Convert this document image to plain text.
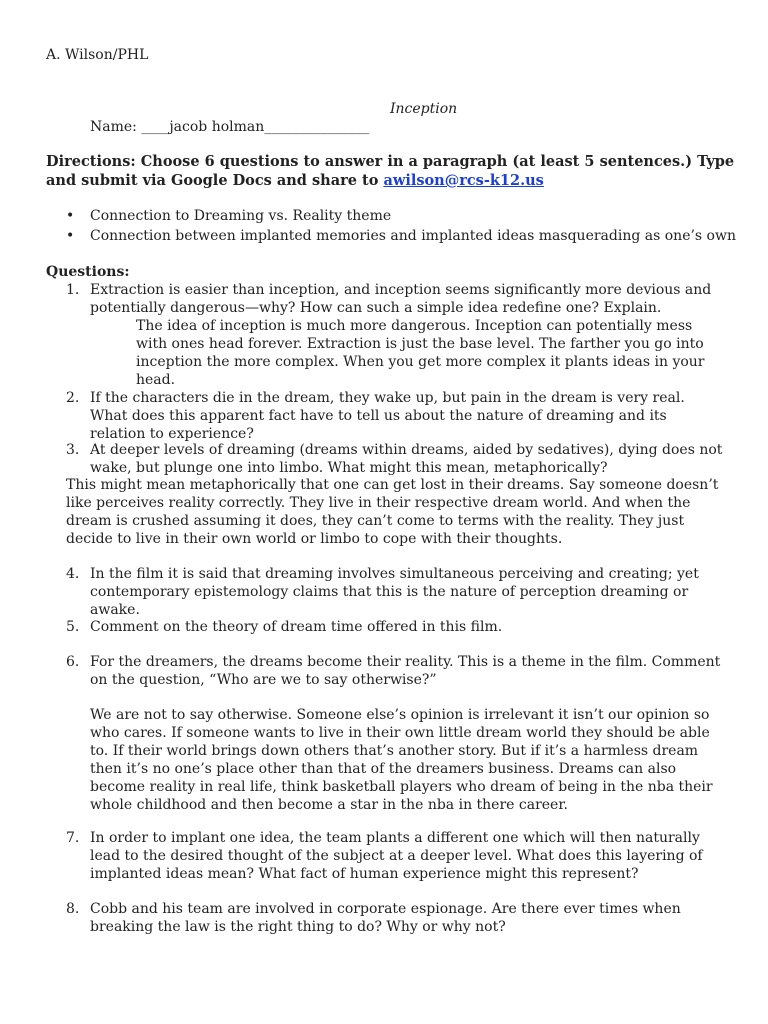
A. Wilson/PHL
Inception
Name: ____jacob holman_______________
Directions: Choose 6 questions to answer in a paragraph (at least 5 sentences.) Type and submit via Google Docs and share to awilson@rcs-k12.us
• Connection to Dreaming vs. Reality theme
• Connection between implanted memories and implanted ideas masquerading as one’s own
Questions:
1. Extraction is easier than inception, and inception seems significantly more devious and potentially dangerous—why? How can such a simple idea redefine one? Explain.
The idea of inception is much more dangerous. Inception can potentially mess with ones head forever. Extraction is just the base level. The farther you go into inception the more complex. When you get more complex it plants ideas in your head.
2. If the characters die in the dream, they wake up, but pain in the dream is very real. What does this apparent fact have to tell us about the nature of dreaming and its relation to experience?
3. At deeper levels of dreaming (dreams within dreams, aided by sedatives), dying does not wake, but plunge one into limbo. What might this mean, metaphorically?
This might mean metaphorically that one can get lost in their dreams. Say someone doesn’t like perceives reality correctly. They live in their respective dream world. And when the dream is crushed assuming it does, they can’t come to terms with the reality. They just decide to live in their own world or limbo to cope with their thoughts.
4. In the film it is said that dreaming involves simultaneous perceiving and creating; yet contemporary epistemology claims that this is the nature of perception dreaming or awake.
5. Comment on the theory of dream time offered in this film.
6. For the dreamers, the dreams become their reality. This is a theme in the film. Comment on the question, “Who are we to say otherwise?”
We are not to say otherwise. Someone else’s opinion is irrelevant it isn’t our opinion so who cares. If someone wants to live in their own little dream world they should be able to. If their world brings down others that’s another story. But if it’s a harmless dream then it’s no one’s place other than that of the dreamers business. Dreams can also become reality in real life, think basketball players who dream of being in the nba their whole childhood and then become a star in the nba in there career.
7. In order to implant one idea, the team plants a different one which will then naturally lead to the desired thought of the subject at a deeper level. What does this layering of implanted ideas mean? What fact of human experience might this represent?
8. Cobb and his team are involved in corporate espionage. Are there ever times when breaking the law is the right thing to do? Why or why not?
